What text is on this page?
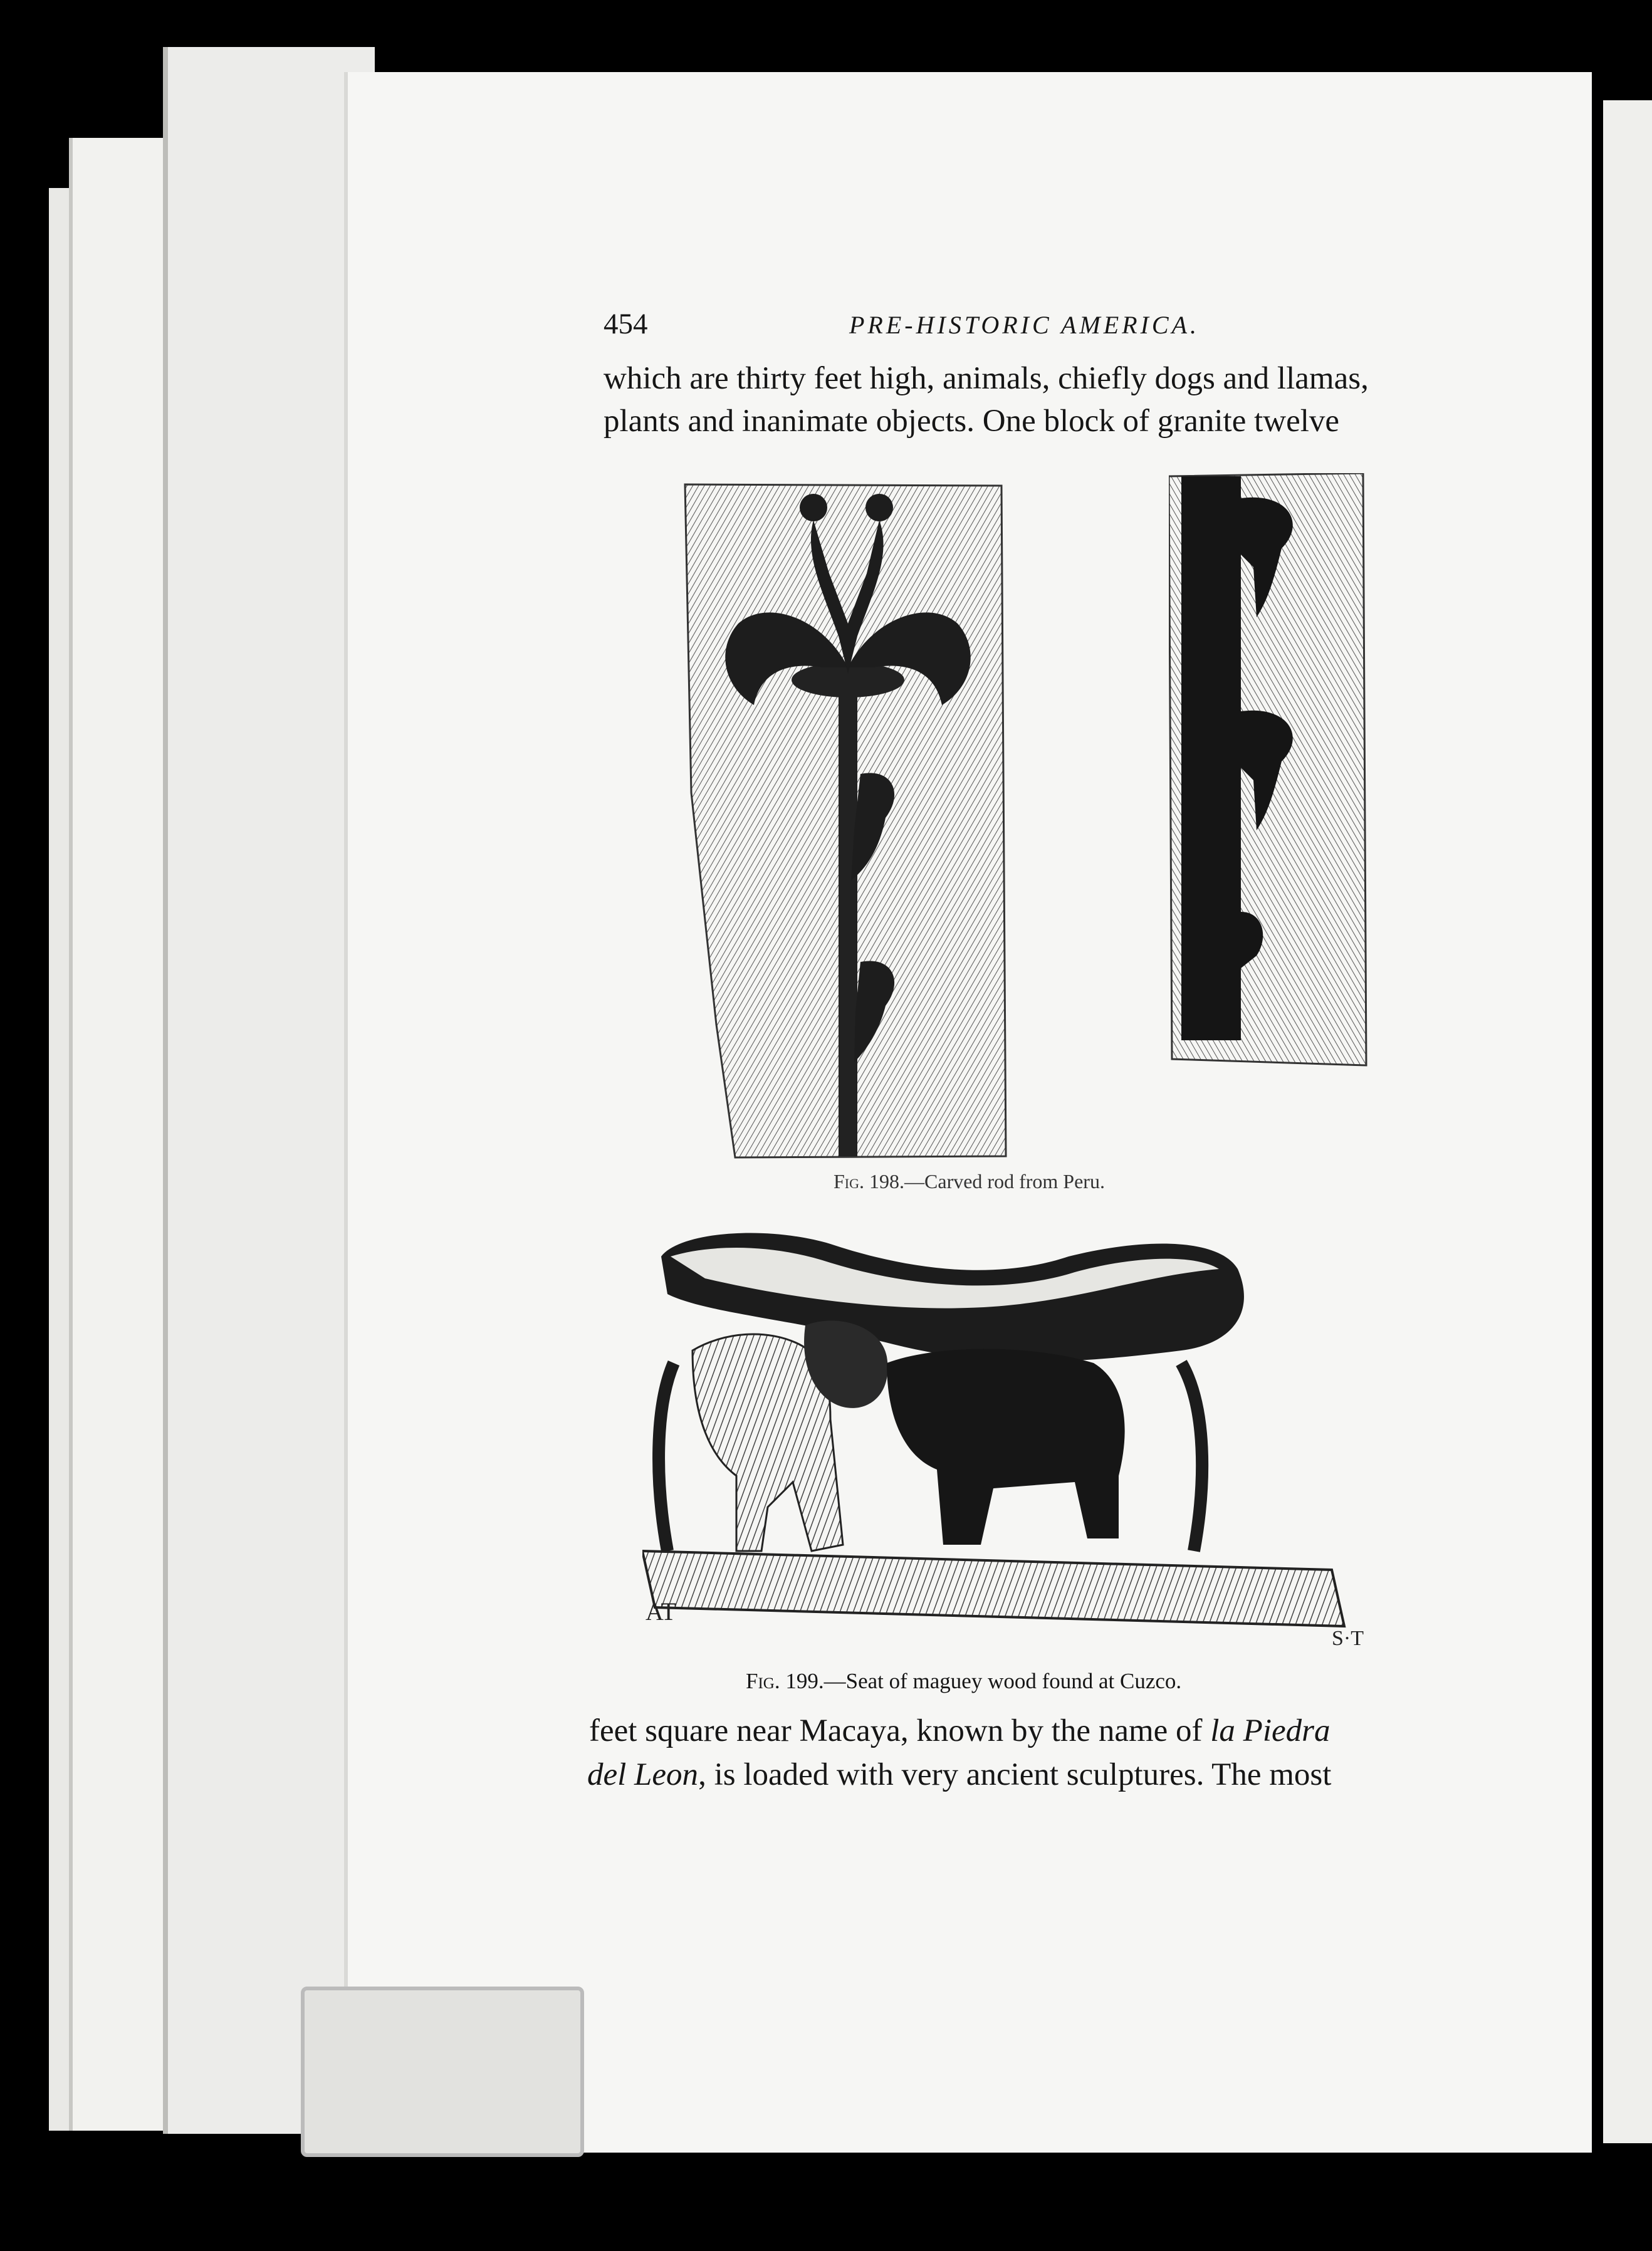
454	PRE-HISTORIC AMERICA.
which are thirty feet high, animals, chiefly dogs and llamas,
plants and inanimate objects. One block of granite twelve
Fig. 198.—Carved rod from Peru.
AT
S·T
Fig. 199.—Seat of maguey wood found at Cuzco.
feet square near Macaya, known by the name of la Piedra
del Leon, is loaded with very ancient sculptures. The most
